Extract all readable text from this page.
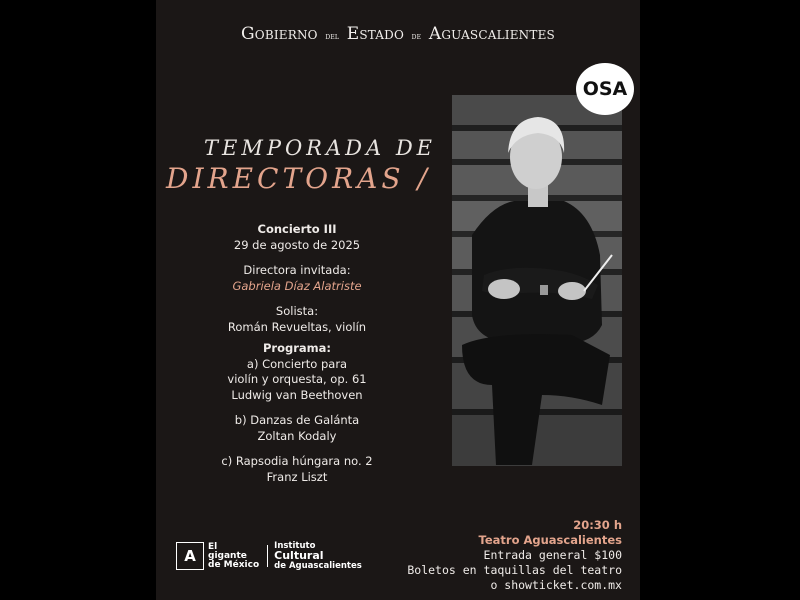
Gobierno del Estado de Aguascalientes
OSA
TEMPORADA DE
DIRECTORAS /
Concierto III
29 de agosto de 2025
Directora invitada:
Gabriela Díaz Alatriste
Solista:
Román Revueltas, violín
Programa:
a) Concierto para
violín y orquesta, op. 61
Ludwig van Beethoven
b) Danzas de Galánta
Zoltan Kodaly
c) Rapsodia húngara no. 2
Franz Liszt
A
El
gigante
de México
Instituto
Cultural
de Aguascalientes
20:30 h
Teatro Aguascalientes
Entrada general $100
Boletos en taquillas del teatro
o showticket.com.mx
